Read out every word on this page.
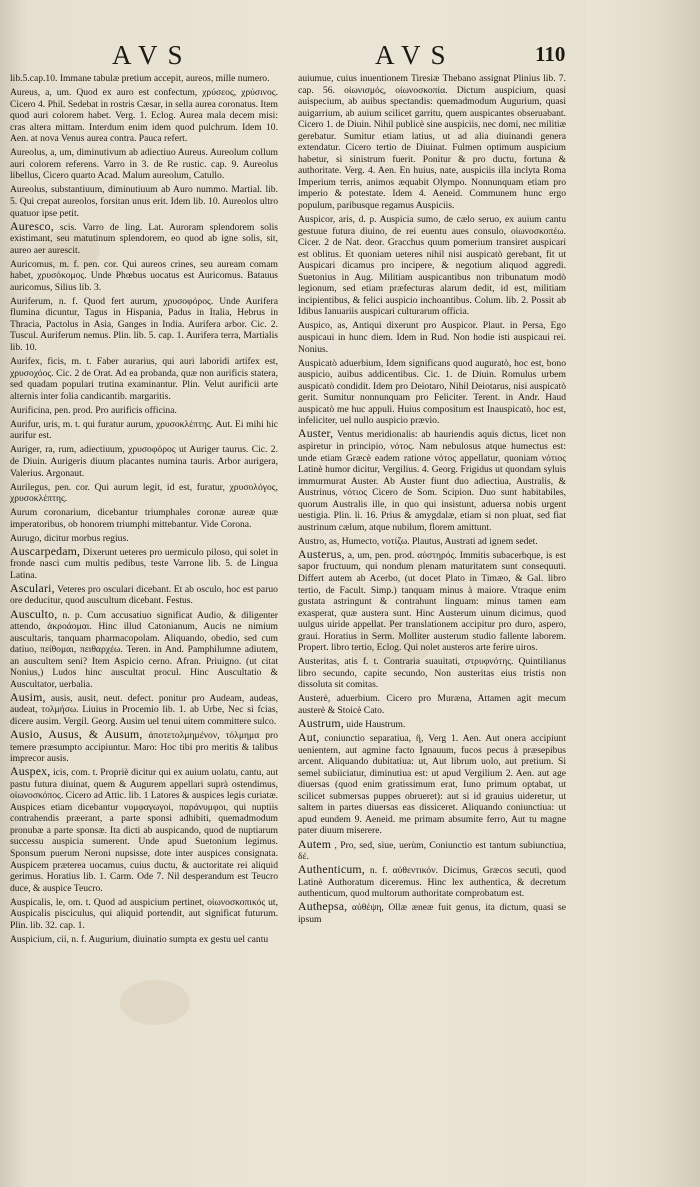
AVS	AVS	110

lib.5.cap.10. Immane tabulæ pretium accepit, aureos, mille numero.

Aureus, a, um. Quod ex auro est confectum, χρύσεος, χρύσινος. Cicero 4. Phil. Sedebat in rostris Cæsar, in sella aurea coronatus. Item quod auri colorem habet. Verg. 1. Eclog. Aurea mala decem misi: cras altera mittam. Interdum enim idem quod pulchrum. Idem 10. Aen. at nova Venus aurea contra. Pauca refert.

Aureolus, a, um, diminutivum ab adiectiuo Aureus. Aureolum collum auri colorem referens. Varro in 3. de Re rustic. cap. 9. Aureolus libellus, Cicero quarto Acad. Malum aureolum, Catullo.

Aureolus, substantiuum, diminutiuum ab Auro nummo. Martial. lib. 5. Qui crepat aureolos, forsitan unus erit. Idem lib. 10. Aureolos ultro quatuor ipse petit.

Aurescο, scis. Varro de ling. Lat. Auroram splendorem solis existimant, seu matutinum splendorem, eo quod ab igne solis, sit, aureo aer aurescit.

Auricomus, m. f. pen. cor. Qui aureos crines, seu auream comam habet, χρυσόκομος. Unde Phœbus uocatus est Auricomus. Batauus auricomus, Silius lib. 3.

Auriferum, n. f. Quod fert aurum, χρυσοφόρος. Unde Aurifera flumina dicuntur, Tagus in Hispania, Padus in Italia, Hebrus in Thracia, Pactolus in Asia, Ganges in India. Aurifera arbor. Cic. 2. Tuscul. Auriferum nemus. Plin. lib. 5. cap. 1. Aurifera terra, Martialis lib. 10.

Aurifex, ficis, m. t. Faber aurarius, qui auri laboridi artifex est, χρυσοχόος. Cic. 2 de Orat. Ad ea probanda, quæ non aurificis statera, sed quadam populari trutina examinantur. Plin. Velut aurificii arte alternis inter folia candicantib. margaritis.

Aurificina, pen. prod. Pro aurificis officina.

Aurifur, uris, m. t. qui furatur aurum, χρυσοκλέπτης. Aut. Ei mihi hic aurifur est.

Auriger, ra, rum, adiectiuum, χρυσοφόρος ut Auriger taurus. Cic. 2. de Diuin. Aurigeris diuum placantes numina tauris. Arbor aurigera, Valerius. Argonaut.

Aurilegus, pen. cor. Qui aurum legit, id est, furatur, χρυσολόγος, χρυσοκλέπτης.

Aurum coronarium, dicebantur triumphales coronæ aureæ quæ imperatoribus, ob honorem triumphi mittebantur. Vide Corona.

Aurugo, dicitur morbus regius.

Auscarpedam, Dixerunt ueteres pro uermiculo piloso, qui solet in fronde nasci cum multis pedibus, teste Varrone lib. 5. de Lingua Latina.

Asculari, Veteres pro osculari dicebant. Et ab osculo, hoc est paruo ore deducitur, quod auscultum dicebant. Festus.

Ausculto, n. p. Cum accusatiuo significat Audio, & diligenter attendo, ἀκροάομαι. Hinc illud Catonianum, Aucis ne nimium auscultaris, tanquam pharmacopolam. Aliquando, obedio, sed cum datiuo, πείθομαι, πειθαρχέω. Teren. in And. Pamphilumne adiutem, an auscultem seni? Item Aspicio cerno. Afran. Priuigno. (ut citat Nonius,) Ludos hinc auscultat procul. Hinc Auscultatio & Auscultator, uerbalia.

Ausim, ausis, ausit, neut. defect. ponitur pro Audeam, audeas, audeat, τολμήσω. Liuius in Procemio lib. 1. ab Urbe, Nec si fcias, dicere ausim. Vergil. Georg. Ausim uel tenui uitem committere sulco.

Ausio, Ausus, & Ausum, ἀποτετολμημένον, τόλμημα pro temere præsumpto accipiuntur. Maro: Hoc tibi pro meritis & talibus imprecor ausis.

Auspex, icis, com. t. Propriè dicitur qui ex auium uolatu, cantu, aut pastu futura diuinat, quem & Augurem appellari suprà ostendimus, οἰωνοσκόπος. Cicero ad Attic. lib. 1 Latores & auspices legis curiatæ. Auspices etiam dicebantur νυμφαγωγοί, παράνυμφοι, qui nuptiis contrahendis præerant, a parte sponsi adhibiti, quemadmodum pronubæ a parte sponsæ. Ita dicti ab auspicando, quod de nuptiarum successu auspicia sumerent. Unde apud Suetonium legimus. Sponsum puerum Neroni nupsisse, dote inter auspices consignata. Auspicem præterea uocamus, cuius ductu, & auctoritate rei aliquid gerimus. Horatius lib. 1. Carm. Ode 7. Nil desperandum est Teucro duce, & auspice Teucro.

Auspicalis, le, om. t. Quod ad auspicium pertinet, οἰωνοσκοπικός ut, Auspicalis pisciculus, qui aliquid portendit, aut significat futurum. Plin. lib. 32. cap. 1.

Auspicium, cii, n. f. Augurium, diuinatio sumpta ex gestu uel cantu

auiumue, cuius inuentionem Tiresiæ Thebano assignat Plinius lib. 7. cap. 56. οἰωνισμός, οἰωνοσκοπία. Dictum auspicium, quasi auispecium, ab auibus spectandis: quemadmodum Augurium, quasi auigarrium, ab auium scilicet garritu, quem auspicantes obseruabant. Cicero 1. de Diuin. Nihil publicè sine auspiciis, nec domi, nec militiæ gerebatur. Sumitur etiam latius, ut ad alia diuinandi genera extendatur. Cicero tertio de Diuinat. Fulmen optimum auspicium habetur, si sinistrum fuerit. Ponitur & pro ductu, fortuna & authoritate. Verg. 4. Aen. En huius, nate, auspiciis illa inclyta Roma Imperium terris, animos æquabit Olympo. Nonnunquam etiam pro imperio & potestate. Idem 4. Aeneid. Communem hunc ergo populum, paribusque regamus Auspiciis.

Auspicor, aris, d. p. Auspicia sumo, de cælo seruo, ex auium cantu gestuue futura diuino, de rei euentu aues consulo, οἰωνοσκοπέω. Cicer. 2 de Nat. deor. Gracchus quum pomerium transiret auspicari est oblitus. Et quoniam ueteres nihil nisi auspicatò gerebant, fit ut Auspicari dicamus pro incipere, & negotium aliquod aggredi. Suetonius in Aug. Militiam auspicantibus non tribunatum modò legionum, sed etiam præfecturas alarum dedit, id est, militiam incipientibus, & felici auspicio inchoantibus. Colum. lib. 2. Possit ab Idibus Ianuariis auspicari culturarum officia.

Auspico, as, Antiqui dixerunt pro Auspicor. Plaut. in Persa, Ego auspicaui in hunc diem. Idem in Rud. Non hodie isti auspicaui rei. Nonius.

Auspicatò aduerbium, Idem significans quod auguratò, hoc est, bono auspicio, auibus addicentibus. Cic. 1. de Diuin. Romulus urbem auspicatò condidit. Idem pro Deiotaro, Nihil Deiotarus, nisi auspicatò gerit. Sumitur nonnunquam pro Feliciter. Terent. in Andr. Haud auspicatò me huc appuli. Huius compositum est Inauspicatò, hoc est, infeliciter, uel nullo auspicio prævio.

Auster, Ventus meridionalis: ab hauriendis aquis dictus, licet non aspiretur in principio, νότος. Nam nebulosus atque humectus est: unde etiam Græcè eadem ratione νότος appellatur, quoniam νότιος Latinè humor dicitur, Vergilius. 4. Georg. Frigidus ut quondam syluis immurmurat Auster. Ab Auster fiunt duo adiectiua, Australis, & Austrinus, νότιος Cicero de Som. Scipion. Duo sunt habitabiles, quorum Australis ille, in quo qui insistunt, aduersa nobis urgent uestigia. Plin. li. 16. Prius & amygdalæ, etiam si non pluat, sed fiat austrinum cælum, atque nubilum, florem amittunt.

Austro, as, Humecto, νοτίζω. Plautus, Austrati ad ignem sedet.

Austerus, a, um, pen. prod. αὐστηρός. Immitis subacerbque, is est sapor fructuum, qui nondum plenam maturitatem sunt consequuti. Differt autem ab Acerbo, (ut docet Plato in Timæo, & Gal. libro tertio, de Facult. Simp.) tanquam minus à maiore. Vtraque enim gustata astringunt & contrahunt linguam: minus tamen eam exasperat, quæ austera sunt. Hinc Austerum uinum dicimus, quod uulgus uiride appellat. Per translationem accipitur pro duro, aspero, graui. Horatius in Serm. Molliter austerum studio fallente laborem. Propert. libro tertio, Eclog. Qui nolet austeros arte ferire uiros.

Austeritas, atis f. t. Contraria suauitati, στρυφνότης. Quintilianus libro secundo, capite secundo, Non austeritas eius tristis non dissoluta sit comitas.

Austerè, aduerbium. Cicero pro Muræna, Attamen agit mecum austerè & Stoicè Cato.

Austrum, uide Haustrum.

Aut, coniunctio separatiua, ἢ, Verg 1. Aen. Aut onera accipiunt uenientem, aut agmine facto Ignauum, fucos pecus à præsepibus arcent. Aliquando dubitatiua: ut, Aut librum uolo, aut pretium. Si semel subiiciatur, diminutiua est: ut apud Vergilium 2. Aen. aut age diuersas (quod enim gratissimum erat, Iuno primum optabat, ut scilicet submersas puppes obrueret): aut si id grauius uideretur, ut saltem in partes diuersas eas dissiceret. Aliquando coniunctiua: ut apud eundem 9. Aeneid. me primam absumite ferro, Aut tu magne pater diuum miserere.

Autem , Pro, sed, siue, uerùm, Coniunctio est tantum subiunctiua, δέ.

Authenticum, n. f. αὐθεντικόν. Dicimus, Græcos secuti, quod Latinè Authoratum diceremus. Hinc lex authentica, & decretum authenticum, quod multorum authoritate comprobatum est.

Authepsa, αὐθέψη, Ollæ æneæ fuit genus, ita dictum, quasi se ipsum
